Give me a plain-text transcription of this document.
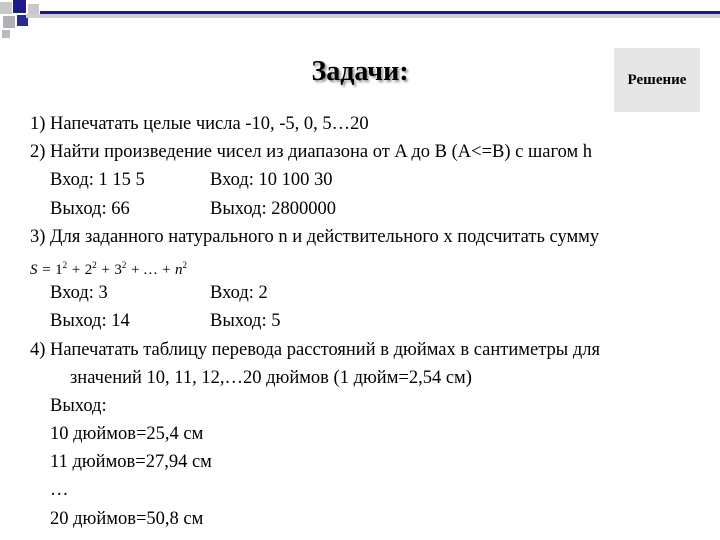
Задачи:	Решение
1) Напечатать целые числа -10, -5, 0, 5…20
2) Найти произведение чисел из диапазона от A до B (A<=B) с шагом h
Вход: 1 15 5	Вход: 10 100 30
Выход: 66	Выход: 2800000
3) Для заданного натурального n и действительного x подсчитать сумму
$S = 1^2 + 2^2 + 3^2$ + … + $n^2$
Вход: 3	Вход: 2
Выход: 14	Выход: 5
4) Напечатать таблицу перевода расстояний в дюймах в сантиметры для
значений 10, 11, 12,…20 дюймов (1 дюйм=2,54 см)
Выход:
10 дюймов=25,4 см
11 дюймов=27,94 см
…
20 дюймов=50,8 см
